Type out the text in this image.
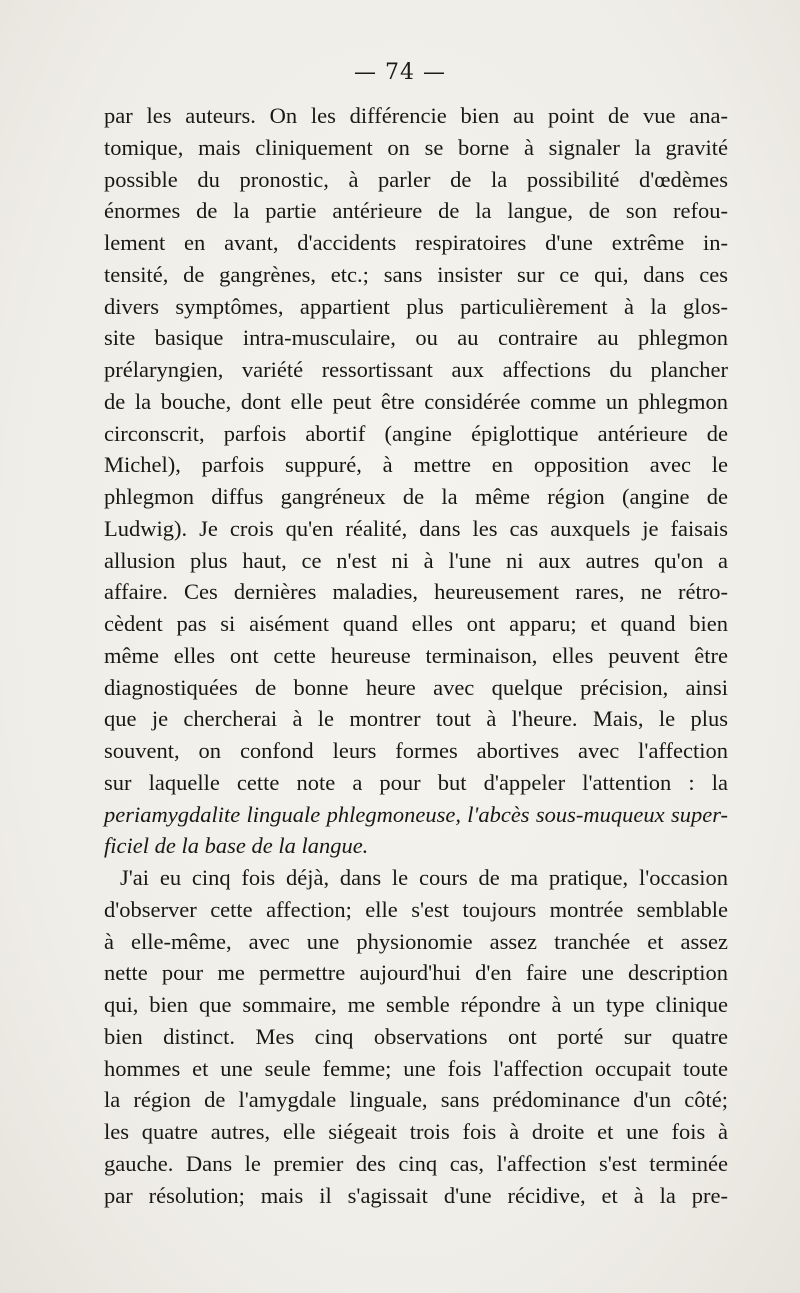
— 74 —
par les auteurs. On les différencie bien au point de vue ana-
tomique, mais cliniquement on se borne à signaler la gravité
possible du pronostic, à parler de la possibilité d'œdèmes
énormes de la partie antérieure de la langue, de son refou-
lement en avant, d'accidents respiratoires d'une extrême in-
tensité, de gangrènes, etc.; sans insister sur ce qui, dans ces
divers symptômes, appartient plus particulièrement à la glos-
site basique intra-musculaire, ou au contraire au phlegmon
prélaryngien, variété ressortissant aux affections du plancher
de la bouche, dont elle peut être considérée comme un phlegmon
circonscrit, parfois abortif (angine épiglottique antérieure de
Michel), parfois suppuré, à mettre en opposition avec le
phlegmon diffus gangréneux de la même région (angine de
Ludwig). Je crois qu'en réalité, dans les cas auxquels je faisais
allusion plus haut, ce n'est ni à l'une ni aux autres qu'on a
affaire. Ces dernières maladies, heureusement rares, ne rétro-
cèdent pas si aisément quand elles ont apparu; et quand bien
même elles ont cette heureuse terminaison, elles peuvent être
diagnostiquées de bonne heure avec quelque précision, ainsi
que je chercherai à le montrer tout à l'heure. Mais, le plus
souvent, on confond leurs formes abortives avec l'affection
sur laquelle cette note a pour but d'appeler l'attention : la
periamygdalite linguale phlegmoneuse, l'abcès sous-muqueux super-
ficiel de la base de la langue.
J'ai eu cinq fois déjà, dans le cours de ma pratique, l'occasion
d'observer cette affection; elle s'est toujours montrée semblable
à elle-même, avec une physionomie assez tranchée et assez
nette pour me permettre aujourd'hui d'en faire une description
qui, bien que sommaire, me semble répondre à un type clinique
bien distinct. Mes cinq observations ont porté sur quatre
hommes et une seule femme; une fois l'affection occupait toute
la région de l'amygdale linguale, sans prédominance d'un côté;
les quatre autres, elle siégeait trois fois à droite et une fois à
gauche. Dans le premier des cinq cas, l'affection s'est terminée
par résolution; mais il s'agissait d'une récidive, et à la pre-
